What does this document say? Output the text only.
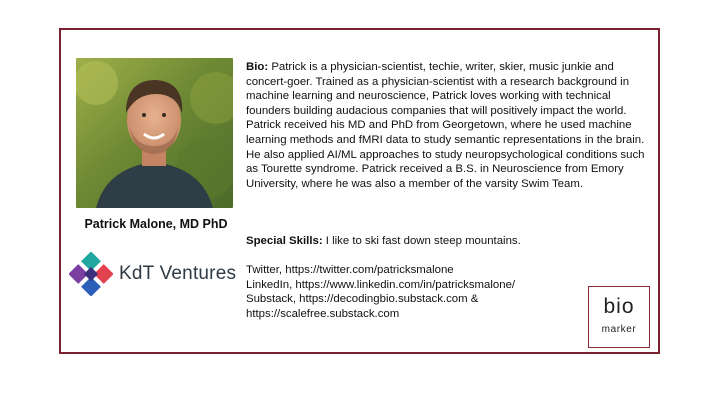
Patrick Malone, MD PhD
KdT Ventures
Bio: Patrick is a physician-scientist, techie, writer, skier, music junkie and concert-goer. Trained as a physician-scientist with a research background in machine learning and neuroscience, Patrick loves working with technical founders building audacious companies that will positively impact the world. Patrick received his MD and PhD from Georgetown, where he used machine learning methods and fMRI data to study semantic representations in the brain. He also applied AI/ML approaches to study neuropsychological conditions such as Tourette syndrome. Patrick received a B.S. in Neuroscience from Emory University, where he was also a member of the varsity Swim Team.
Special Skills: I like to ski fast down steep mountains.
Twitter, https://twitter.com/patricksmalone
LinkedIn, https://www.linkedin.com/in/patricksmalone/
Substack, https://decodingbio.substack.com &
https://scalefree.substack.com	bio
marker
